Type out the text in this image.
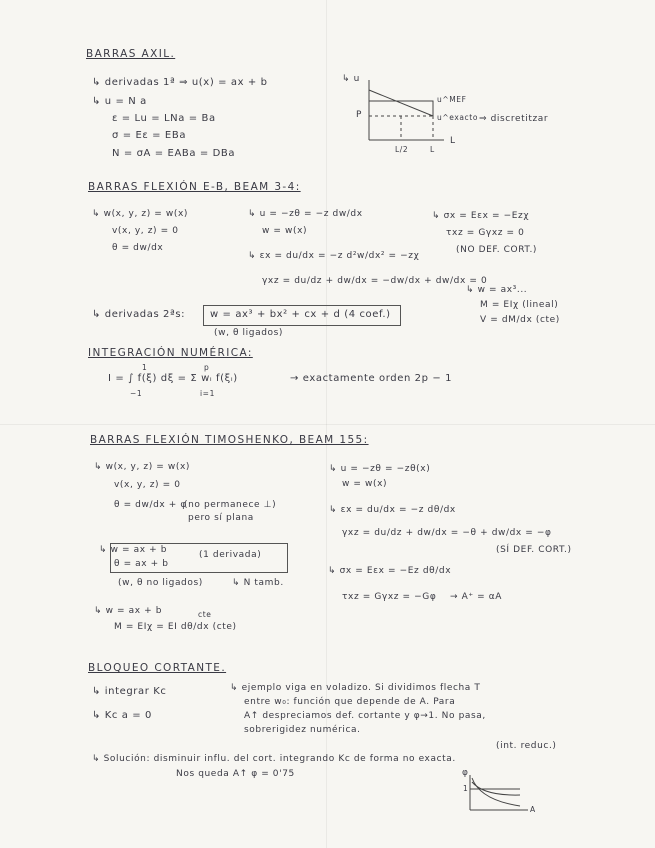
BARRAS AXIL.
↳ derivadas 1ª ⇒ u(x) = ax + b
↳ u = N a
ε = Lu = LNa = Ba
σ = Eε = EBa
N = σA = EABa = DBa
↳ u
L
P
L/2	L
u^MEF
u^exacto ⇒ discretitzar
BARRAS FLEXIÓN E-B, BEAM 3-4:
↳ w(x, y, z) = w(x)
v(x, y, z) = 0
θ = dw/dx
↳ u = −zθ = −z dw/dx
w = w(x)
↳ εx = du/dx = −z d²w/dx² = −zχ
γxz = du/dz + dw/dx = −dw/dx + dw/dx = 0
↳ σx = Eεx = −Ezχ
τxz = Gγxz = 0
(NO DEF. CORT.)
↳ w = ax³...
M = EIχ (lineal)
V = dM/dx (cte)
↳ derivadas 2ªs: w = ax³ + bx² + cx + d (4 coef.)
(w, θ ligados)
INTEGRACIÓN NUMÉRICA:
I = ∫ f(ξ) dξ = Σ wᵢ f(ξᵢ)
−1
1	p
i=1
→ exactamente orden 2p − 1
BARRAS FLEXIÓN TIMOSHENKO, BEAM 155:
↳ w(x, y, z) = w(x)
v(x, y, z) = 0
θ = dw/dx + φ
(no permanece ⊥)
pero sí plana
↳ u = −zθ = −zθ(x)
w = w(x)
↳ εx = du/dx = −z dθ/dx
γxz = du/dz + dw/dx = −θ + dw/dx = −φ
(SÍ DEF. CORT.)
↳ w = ax + b
θ = ax + b
(1 derivada)
(w, θ no ligados)	↳ N tamb.
↳ σx = Eεx = −Ez dθ/dx
τxz = Gγxz = −Gφ → A⁺ = αA
↳ w = ax + b	cte
M = EIχ = EI dθ/dx (cte)
BLOQUEO CORTANTE.
↳ integrar Kc
↳ Kc a = 0
↳ ejemplo viga en voladizo. Si dividimos flecha T
entre w₀: función que depende de A. Para
A↑ despreciamos def. cortante y φ→1. No pasa,
sobrerigidez numérica.
(int. reduc.)
↳ Solución: disminuir influ. del cort. integrando Kc de forma no exacta.
Nos queda A↑ φ = 0'75	φ
1
A
